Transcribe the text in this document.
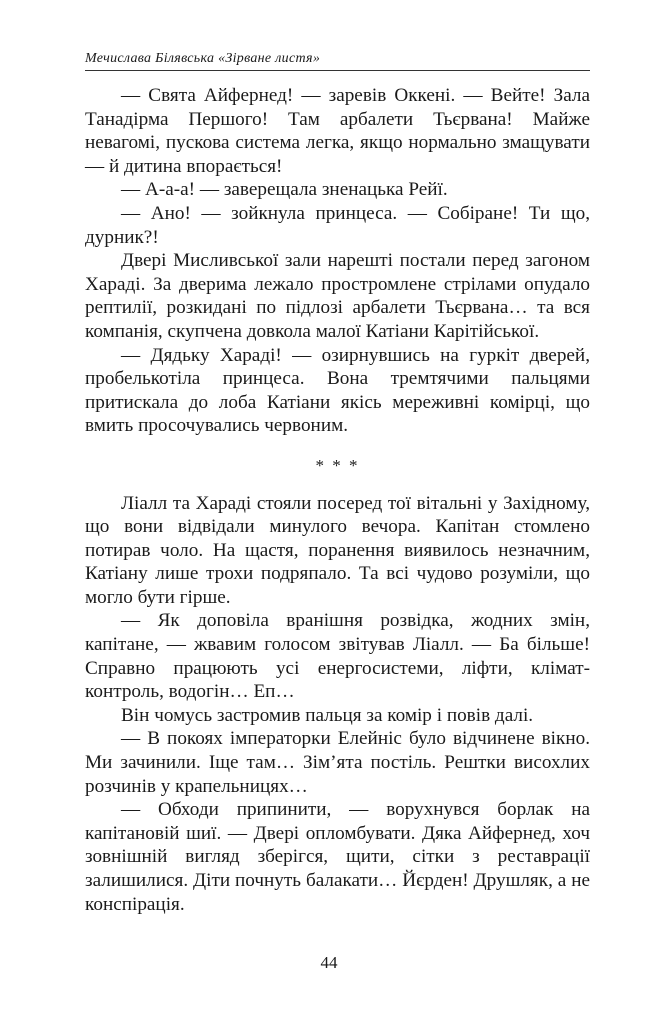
Мечислава Білявська «Зірване листя»

— Свята Айфернед! — заревів Оккені. — Вейте! Зала Танадірма Першого! Там арбалети Тьєрвана! Майже невагомі, пускова система легка, якщо нормально змащувати — й дитина впорається!

— А-а-а! — заверещала зненацька Рейї.

— Ано! — зойкнула принцеса. — Собіране! Ти що, дурник?!

Двері Мисливської зали нарешті постали перед загоном Хараді. За дверима лежало простромлене стрілами опудало рептилії, розкидані по підлозі арбалети Тьєрвана… та вся компанія, скупчена довкола малої Катіани Карітійської.

— Дядьку Хараді! — озирнувшись на гуркіт дверей, пробелькотіла принцеса. Вона тремтячими пальцями притискала до лоба Катіани якісь мереживні комірці, що вмить просочувались червоним.

* * *

Ліалл та Хараді стояли посеред тої вітальні у Західному, що вони відвідали минулого вечора. Капітан стомлено потирав чоло. На щастя, поранення виявилось незначним, Катіану лише трохи подряпало. Та всі чудово розуміли, що могло бути гірше.

— Як доповіла вранішня розвідка, жодних змін, капітане, — жвавим голосом звітував Ліалл. — Ба більше! Справно працюють усі енергосистеми, ліфти, клімат-контроль, водогін… Еп…

Він чомусь застромив пальця за комір і повів далі.

— В покоях імператорки Елейніс було відчинене вікно. Ми зачинили. Іще там… Зім’ята постіль. Рештки висохлих розчинів у крапельницях…

— Обходи припинити, — ворухнувся борлак на капітановій шиї. — Двері опломбувати. Дяка Айфернед, хоч зовнішній вигляд зберігся, щити, сітки з реставрації залишилися. Діти почнуть балакати… Йєрден! Друшляк, а не конспірація.

44
